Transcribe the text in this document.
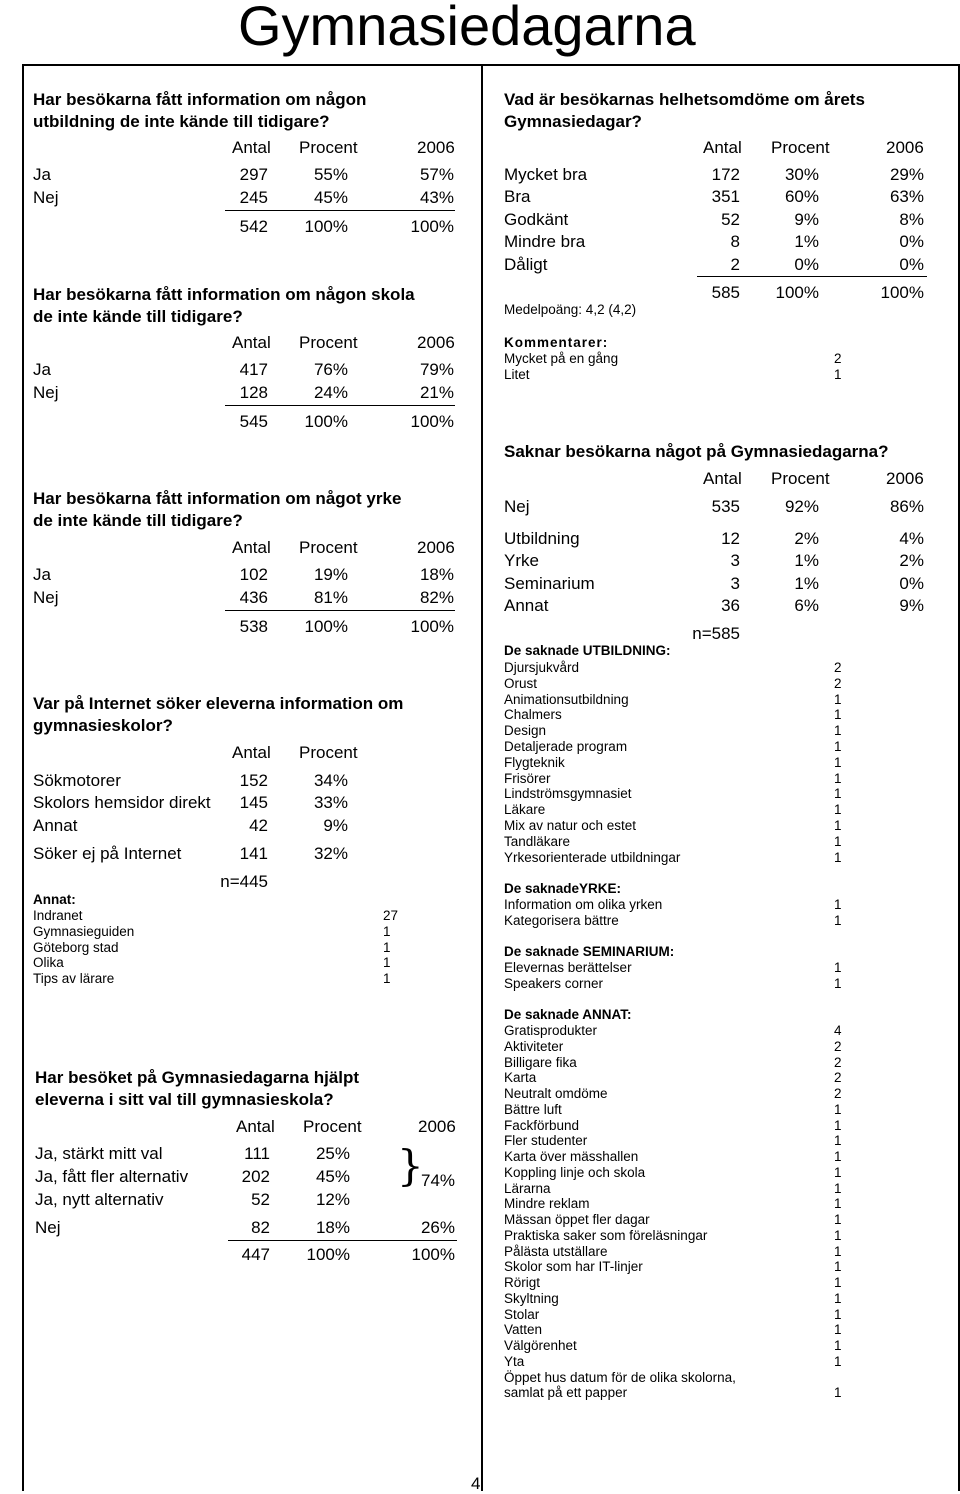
Gymnasiedagarna
Har besökarna fått information om någon
utbildning de inte kände till tidigare?
Antal Procent	2006
Ja	297	55%	57%
Nej	245	45%	43%
542 100%	100%
Har besökarna fått information om någon skola
de inte kände till tidigare?
Antal Procent	2006
Ja	417	76%	79%
Nej	128	24%	21%
545 100%	100%
Har besökarna fått information om något yrke
de inte kände till tidigare?
Antal Procent	2006
Ja	102	19%	18%
Nej	436	81%	82%
538 100%	100%
Var på Internet söker eleverna information om
gymnasieskolor?
Antal Procent
Sökmotorer	152	34%
Skolors hemsidor direkt 145	33%
Annat	42	9%
Söker ej på Internet	141	32%
n=445
Annat:
Indranet	27
Gymnasieguiden	1
Göteborg stad	1
Olika	1
Tips av lärare	1
Har besöket på Gymnasiedagarna hjälpt
eleverna i sitt val till gymnasieskola?
Antal Procent	2006
Ja, stärkt mitt val	111	25%
Ja, fått fler alternativ	202	45%
Ja, nytt alternativ	52	12%
}
74%
Nej	82	18%	26%
447 100%	100%
Vad är besökarnas helhetsomdöme om årets
Gymnasiedagar?
Antal Procent	2006
Mycket bra	172	30%	29%
Bra	351	60%	63%
Godkänt	52	9%	8%
Mindre bra	8	1%	0%
Dåligt	2	0%	0%
585 100%	100%
Medelpoäng: 4,2 (4,2)
Kommentarer:
Mycket på en gång	2
Litet	1
Saknar besökarna något på Gymnasiedagarna?
Antal Procent	2006
Nej	535	92%	86%
Utbildning	12	2%	4%
Yrke	3	1%	2%
Seminarium	3	1%	0%
Annat	36	6%	9%
n=585
De saknade UTBILDNING:
Djursjukvård	2
Orust	2
Animationsutbildning	1
Chalmers	1
Design	1
Detaljerade program	1
Flygteknik	1
Frisörer	1
Lindströmsgymnasiet	1
Läkare	1
Mix av natur och estet	1
Tandläkare	1
Yrkesorienterade utbildningar	1
De saknadeYRKE:
Information om olika yrken	1
Kategorisera bättre	1
De saknade SEMINARIUM:
Elevernas berättelser	1
Speakers corner	1
De saknade ANNAT:
Gratisprodukter	4
Aktiviteter	2
Billigare fika	2
Karta	2
Neutralt omdöme	2
Bättre luft	1
Fackförbund	1
Fler studenter	1
Karta över mässhallen	1
Koppling linje och skola	1
Lärarna	1
Mindre reklam	1
Mässan öppet fler dagar	1
Praktiska saker som föreläsningar	1
Pålästa utställare	1
Skolor som har IT-linjer	1
Rörigt	1
Skyltning	1
Stolar	1
Vatten	1
Välgörenhet	1
Yta	1
Öppet hus datum för de olika skolorna,
samlat på ett papper	1
4
